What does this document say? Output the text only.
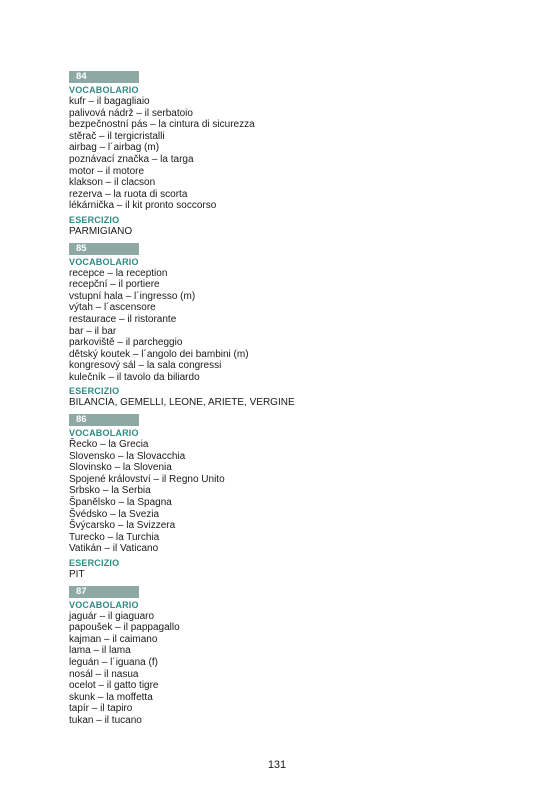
84
VOCABOLARIO
kufr – il bagagliaio
palivová nádrž – il serbatoio
bezpečnostní pás – la cintura di sicurezza
stěrač – il tergicristalli
airbag – l´airbag (m)
poznávací značka – la targa
motor – il motore
klakson – il clacson
rezerva – la ruota di scorta
lékárnička – il kit pronto soccorso
ESERCIZIO
PARMIGIANO
85
VOCABOLARIO
recepce – la reception
recepční – il portiere
vstupní hala – l´ingresso (m)
výtah – l´ascensore
restaurace – il ristorante
bar – il bar
parkoviště – il parcheggio
dětský koutek – l´angolo dei bambini (m)
kongresový sál – la sala congressi
kulečník – il tavolo da biliardo
ESERCIZIO
BILANCIA, GEMELLI, LEONE, ARIETE, VERGINE
86
VOCABOLARIO
Řecko – la Grecia
Slovensko – la Slovacchia
Slovinsko – la Slovenia
Spojené království – il Regno Unito
Srbsko – la Serbia
Španělsko – la Spagna
Švédsko – la Svezia
Švýcarsko – la Svizzera
Turecko – la Turchia
Vatikán – il Vaticano
ESERCIZIO
PIT
87
VOCABOLARIO
jaguár – il giaguaro
papoušek – il pappagallo
kajman – il caimano
lama – il lama
leguán – l´iguana (f)
nosál – il nasua
ocelot – il gatto tigre
skunk – la moffetta
tapír – il tapiro
tukan – il tucano
131
